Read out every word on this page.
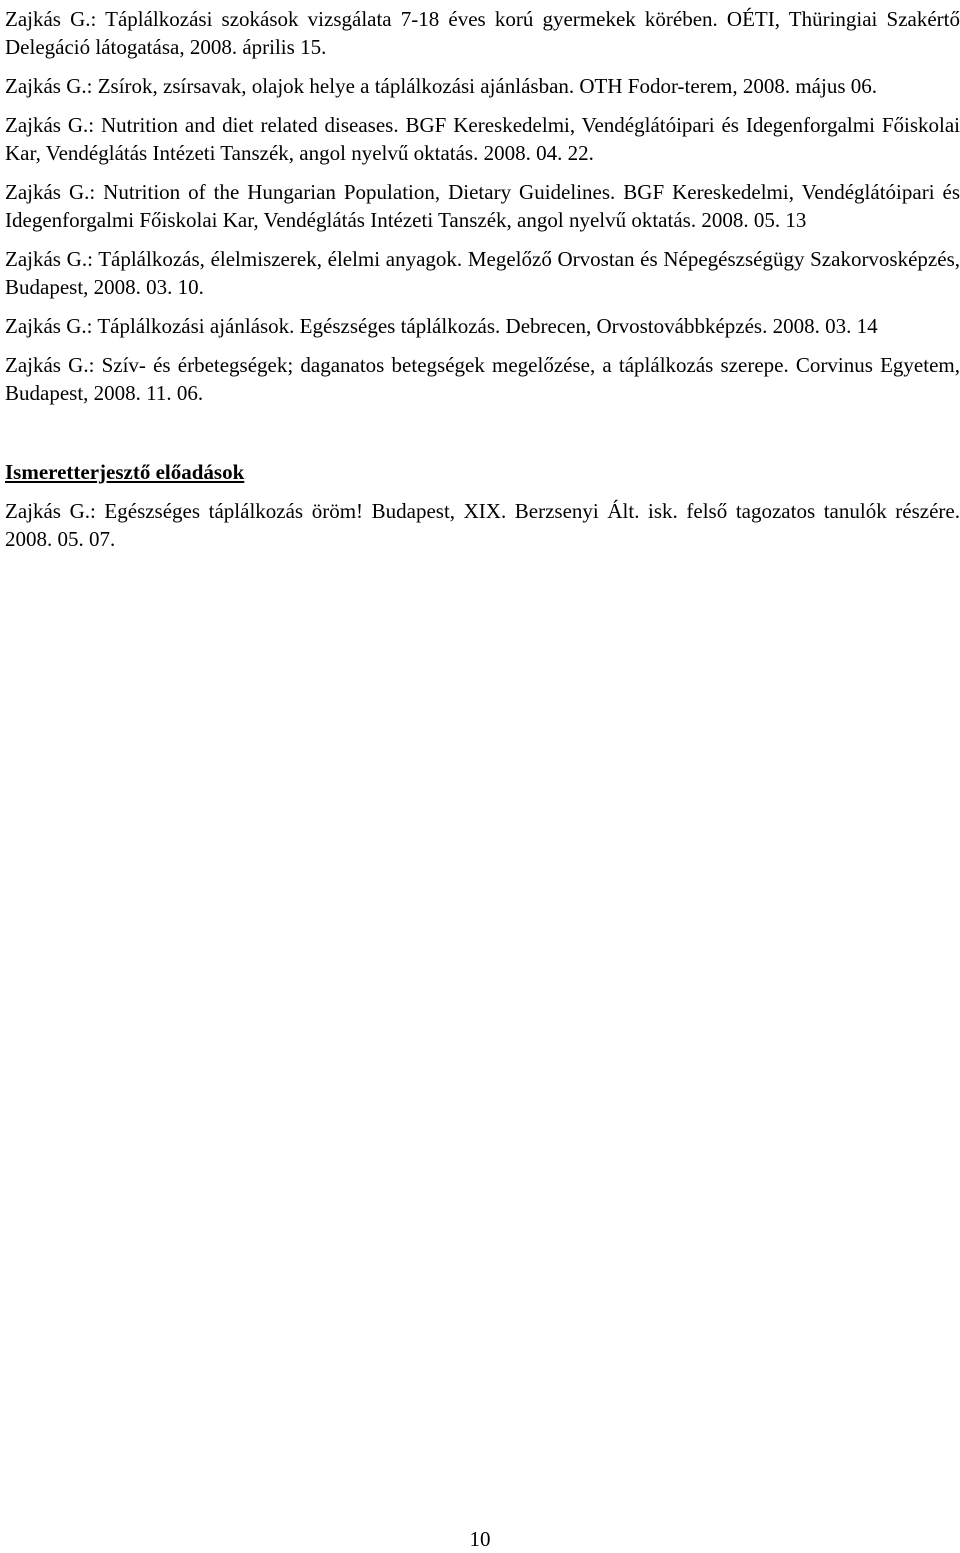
Zajkás G.: Táplálkozási szokások vizsgálata 7-18 éves korú gyermekek körében. OÉTI, Thüringiai Szakértő Delegáció látogatása, 2008. április 15.

Zajkás G.: Zsírok, zsírsavak, olajok helye a táplálkozási ajánlásban. OTH Fodor-terem, 2008. május 06.

Zajkás G.: Nutrition and diet related diseases. BGF Kereskedelmi, Vendéglátóipari és Idegenforgalmi Főiskolai Kar, Vendéglátás Intézeti Tanszék, angol nyelvű oktatás. 2008. 04. 22.

Zajkás G.: Nutrition of the Hungarian Population, Dietary Guidelines. BGF Kereskedelmi, Vendéglátóipari és Idegenforgalmi Főiskolai Kar, Vendéglátás Intézeti Tanszék, angol nyelvű oktatás. 2008. 05. 13

Zajkás G.: Táplálkozás, élelmiszerek, élelmi anyagok. Megelőző Orvostan és Népegészségügy Szakorvosképzés, Budapest, 2008. 03. 10.

Zajkás G.: Táplálkozási ajánlások. Egészséges táplálkozás. Debrecen, Orvostovábbképzés. 2008. 03. 14

Zajkás G.: Szív- és érbetegségek; daganatos betegségek megelőzése, a táplálkozás szerepe. Corvinus Egyetem, Budapest, 2008. 11. 06.

Ismeretterjesztő előadások

Zajkás G.: Egészséges táplálkozás öröm! Budapest, XIX. Berzsenyi Ált. isk. felső tagozatos tanulók részére. 2008. 05. 07.

10
